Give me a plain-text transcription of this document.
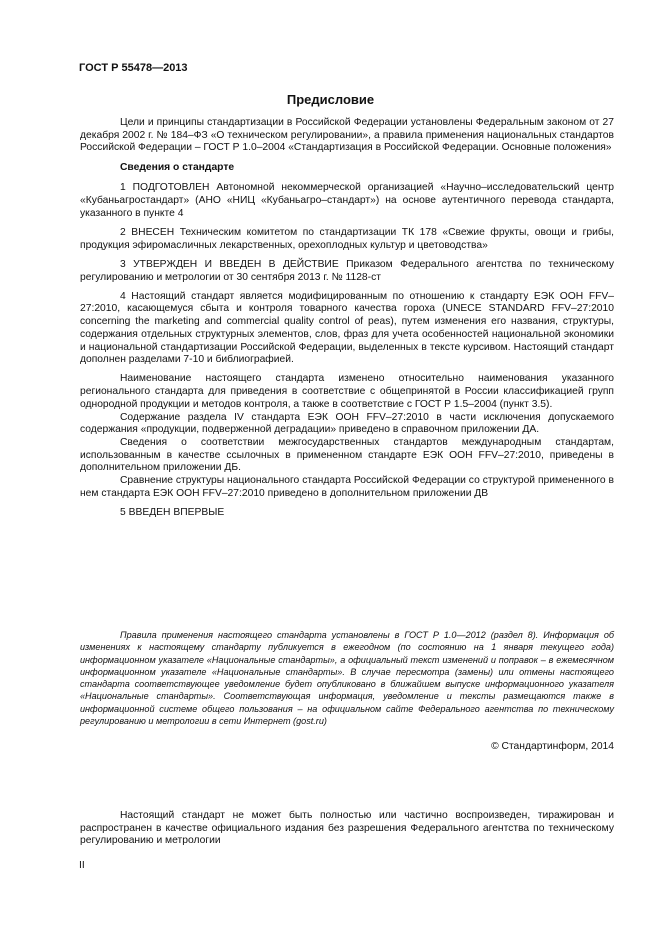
ГОСТ Р 55478—2013
Предисловие

Цели и принципы стандартизации в Российской Федерации установлены Федеральным законом от 27 декабря 2002 г. № 184–ФЗ «О техническом регулировании», а правила применения национальных стандартов Российской Федерации – ГОСТ Р 1.0–2004 «Стандартизация в Российской Федерации. Основные положения»

Сведения о стандарте

1 ПОДГОТОВЛЕН Автономной некоммерческой организацией «Научно–исследовательский центр «Кубаньагростандарт» (АНО «НИЦ «Кубаньагро–стандарт») на основе аутентичного перевода стандарта, указанного в пункте 4

2 ВНЕСЕН Техническим комитетом по стандартизации ТК 178 «Свежие фрукты, овощи и грибы, продукция эфиромасличных лекарственных, орехоплодных культур и цветоводства»

3 УТВЕРЖДЕН И ВВЕДЕН В ДЕЙСТВИЕ Приказом Федерального агентства по техническому регулированию и метрологии от 30 сентября 2013 г. № 1128-ст

4 Настоящий стандарт является модифицированным по отношению к стандарту ЕЭК ООН FFV–27:2010, касающемуся сбыта и контроля товарного качества гороха (UNECE STANDARD FFV–27:2010 concerning the marketing and commercial quality control of peas), путем изменения его названия, структуры, содержания отдельных структурных элементов, слов, фраз для учета особенностей национальной экономики и национальной стандартизации Российской Федерации, выделенных в тексте курсивом. Настоящий стандарт дополнен разделами 7-10 и библиографией.

Наименование настоящего стандарта изменено относительно наименования указанного регионального стандарта для приведения в соответствие с общепринятой в России классификацией групп однородной продукции и методов контроля, а также в соответствие с ГОСТ Р 1.5–2004 (пункт 3.5).

Содержание раздела IV стандарта ЕЭК ООН FFV–27:2010 в части исключения допускаемого содержания «продукции, подверженной деградации» приведено в справочном приложении ДА.

Сведения о соответствии межгосударственных стандартов международным стандартам, использованным в качестве ссылочных в примененном стандарте ЕЭК ООН FFV–27:2010, приведены в дополнительном приложении ДБ.

Сравнение структуры национального стандарта Российской Федерации со структурой примененного в нем стандарта ЕЭК ООН FFV–27:2010 приведено в дополнительном приложении ДВ

5 ВВЕДЕН ВПЕРВЫЕ

Правила применения настоящего стандарта установлены в ГОСТ Р 1.0—2012 (раздел 8). Информация об изменениях к настоящему стандарту публикуется в ежегодном (по состоянию на 1 января текущего года) информационном указателе «Национальные стандарты», а официальный текст изменений и поправок – в ежемесячном информационном указателе «Национальные стандарты». В случае пересмотра (замены) или отмены настоящего стандарта соответствующее уведомление будет опубликовано в ближайшем выпуске информационного указателя «Национальные стандарты». Соответствующая информация, уведомление и тексты размещаются также в информационной системе общего пользования – на официальном сайте Федерального агентства по техническому регулированию и метрологии в сети Интернет (gost.ru)

© Стандартинформ, 2014

Настоящий стандарт не может быть полностью или частично воспроизведен, тиражирован и распространен в качестве официального издания без разрешения Федерального агентства по техническому регулированию и метрологии

II
